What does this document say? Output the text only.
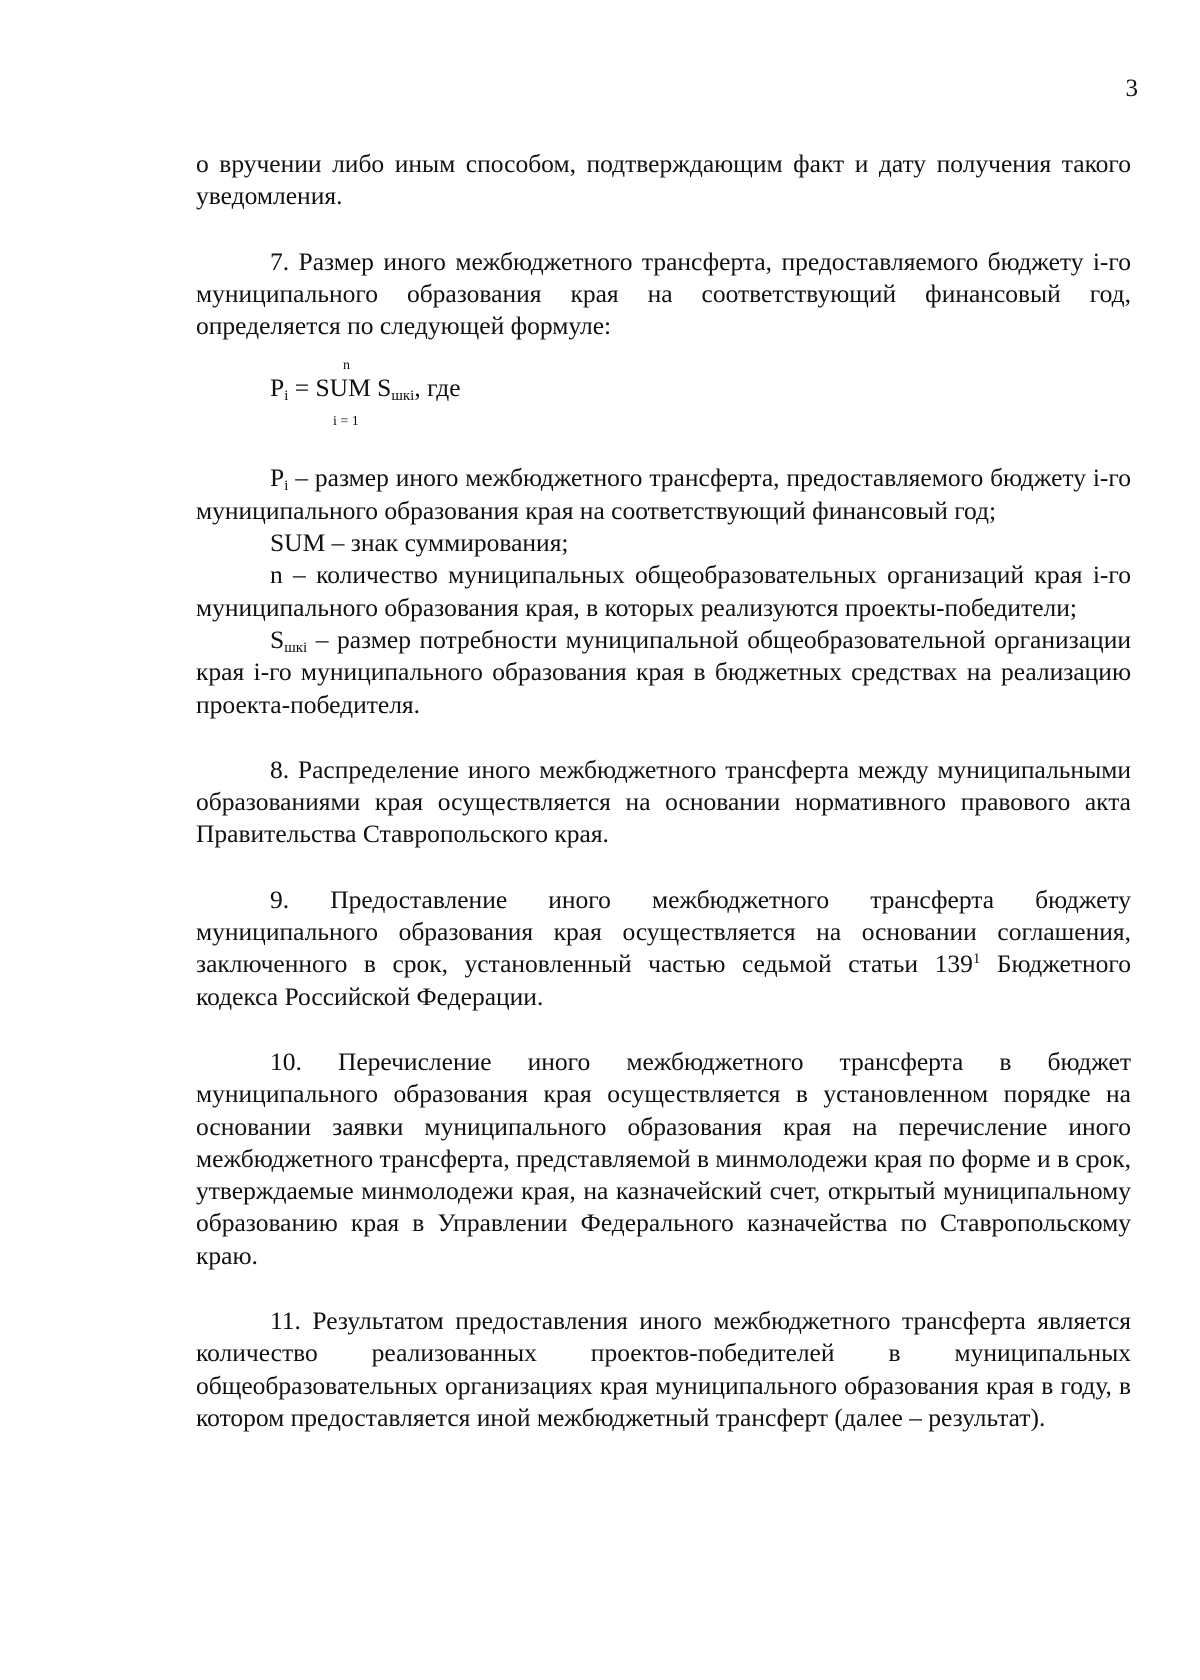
3

о вручении либо иным способом, подтверждающим факт и дату получения такого уведомления.

7. Размер иного межбюджетного трансферта, предоставляемого бюджету i-го муниципального образования края на соответствующий финансовый год, определяется по следующей формуле:

n
$P_i$ = SUM $S_{шкi}$, где
i = 1

$P_i$ – размер иного межбюджетного трансферта, предоставляемого бюджету i-го муниципального образования края на соответствующий финансовый год;

SUM – знак суммирования;

n – количество муниципальных общеобразовательных организаций края i-го муниципального образования края, в которых реализуются проекты-победители;

$S_{шкi}$ – размер потребности муниципальной общеобразовательной организации края i-го муниципального образования края в бюджетных средствах на реализацию проекта-победителя.

8. Распределение иного межбюджетного трансферта между муниципальными образованиями края осуществляется на основании нормативного правового акта Правительства Ставропольского края.

9. Предоставление иного межбюджетного трансферта бюджету муниципального образования края осуществляется на основании соглашения, заключенного в срок, установленный частью седьмой статьи $139^1$ Бюджетного кодекса Российской Федерации.

10. Перечисление иного межбюджетного трансферта в бюджет муниципального образования края осуществляется в установленном порядке на основании заявки муниципального образования края на перечисление иного межбюджетного трансферта, представляемой в минмолодежи края по форме и в срок, утверждаемые минмолодежи края, на казначейский счет, открытый муниципальному образованию края в Управлении Федерального казначейства по Ставропольскому краю.

11. Результатом предоставления иного межбюджетного трансферта является количество реализованных проектов-победителей в муниципальных общеобразовательных организациях края муниципального образования края в году, в котором предоставляется иной межбюджетный трансферт (далее – результат).
